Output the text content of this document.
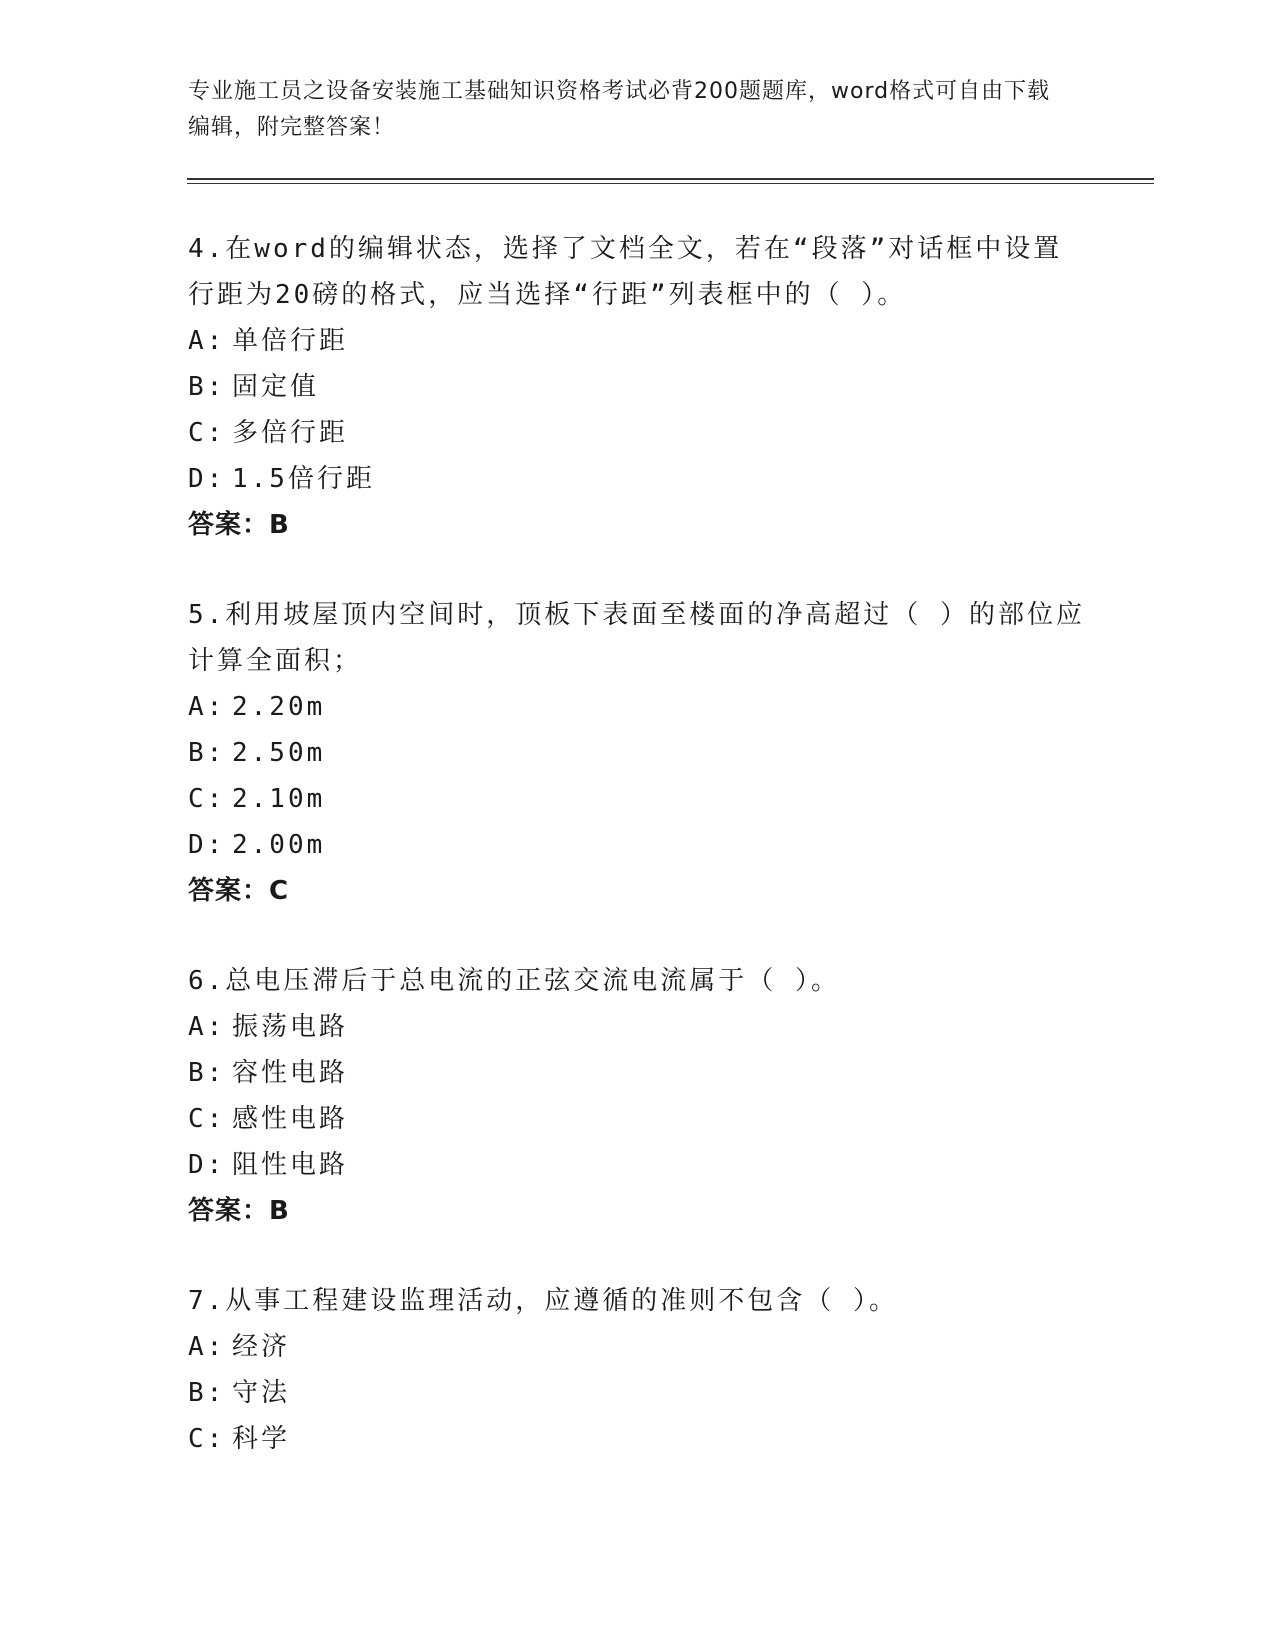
专业施工员之设备安装施工基础知识资格考试必背200题题库，word格式可自由下载编辑，附完整答案！

4.在word的编辑状态，选择了文档全文，若在“段落”对话框中设置行距为20磅的格式，应当选择“行距”列表框中的（ ）。

A: 单倍行距

B: 固定值

C: 多倍行距

D: 1.5倍行距

答案：B

5.利用坡屋顶内空间时，顶板下表面至楼面的净高超过（ ）的部位应计算全面积；

A: 2.20m

B: 2.50m

C: 2.10m

D: 2.00m

答案：C

6.总电压滞后于总电流的正弦交流电流属于（ ）。

A: 振荡电路

B: 容性电路

C: 感性电路

D: 阻性电路

答案：B

7.从事工程建设监理活动，应遵循的准则不包含（ ）。

A: 经济

B: 守法

C: 科学
